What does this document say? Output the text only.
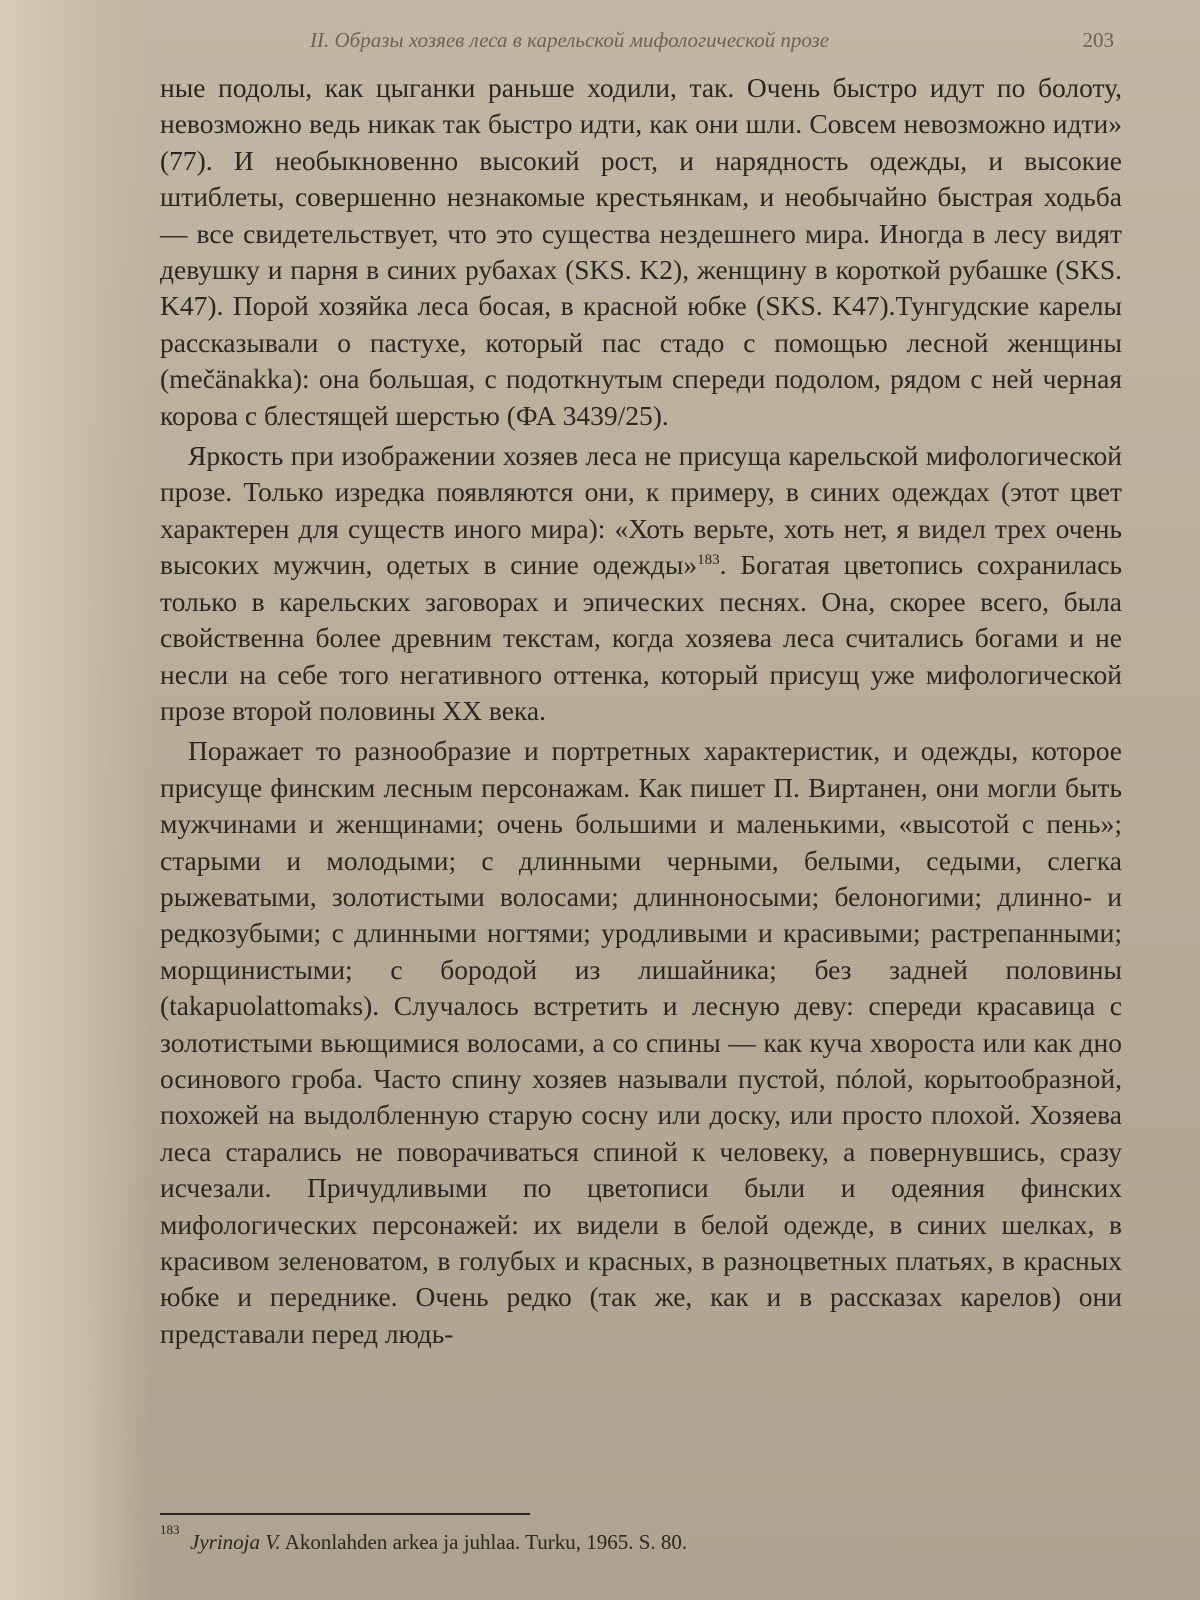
II. Образы хозяев леса в карельской мифологической прозе	203

ные подолы, как цыганки раньше ходили, так. Очень быстро идут по болоту, невозможно ведь никак так быстро идти, как они шли. Совсем невозможно идти» (77). И необыкновенно высокий рост, и нарядность одежды, и высокие штиблеты, совершенно незнакомые крестьянкам, и необычайно быстрая ходьба — все свидетельствует, что это существа нездешнего мира. Иногда в лесу видят девушку и парня в синих рубахах (SKS. K2), женщину в короткой рубашке (SKS. K47). Порой хозяйка леса босая, в красной юбке (SKS. K47).Тунгудские карелы рассказывали о пастухе, который пас стадо с помощью лесной женщины (mečänakka): она большая, с подоткнутым спереди подолом, рядом с ней черная корова с блестящей шерстью (ФА 3439/25).

Яркость при изображении хозяев леса не присуща карельской мифологической прозе. Только изредка появляются они, к примеру, в синих одеждах (этот цвет характерен для существ иного мира): «Хоть верьте, хоть нет, я видел трех очень высоких мужчин, одетых в синие одежды»$^{183}$. Богатая цветопись сохранилась только в карельских заговорах и эпических песнях. Она, скорее всего, была свойственна более древним текстам, когда хозяева леса считались богами и не несли на себе того негативного оттенка, который присущ уже мифологической прозе второй половины XX века.

Поражает то разнообразие и портретных характеристик, и одежды, которое присуще финским лесным персонажам. Как пишет П. Виртанен, они могли быть мужчинами и женщинами; очень большими и маленькими, «высотой с пень»; старыми и молодыми; с длинными черными, белыми, седыми, слегка рыжеватыми, золотистыми волосами; длинноносыми; белоногими; длинно- и редкозубыми; с длинными ногтями; уродливыми и красивыми; растрепанными; морщинистыми; с бородой из лишайника; без задней половины (takapuolattomaks). Случалось встретить и лесную деву: спереди красавица с золотистыми вьющимися волосами, а со спины — как куча хвороста или как дно осинового гроба. Часто спину хозяев называли пустой, пóлой, корытообразной, похожей на выдолбленную старую сосну или доску, или просто плохой. Хозяева леса старались не поворачиваться спиной к человеку, а повернувшись, сразу исчезали. Причудливыми по цветописи были и одеяния финских мифологических персонажей: их видели в белой одежде, в синих шелках, в красивом зеленоватом, в голубых и красных, в разноцветных платьях, в красных юбке и переднике. Очень редко (так же, как и в рассказах карелов) они представали перед людь-

183
Jyrinoja V. Akonlahden arkea ja juhlaa. Turku, 1965. S. 80.
